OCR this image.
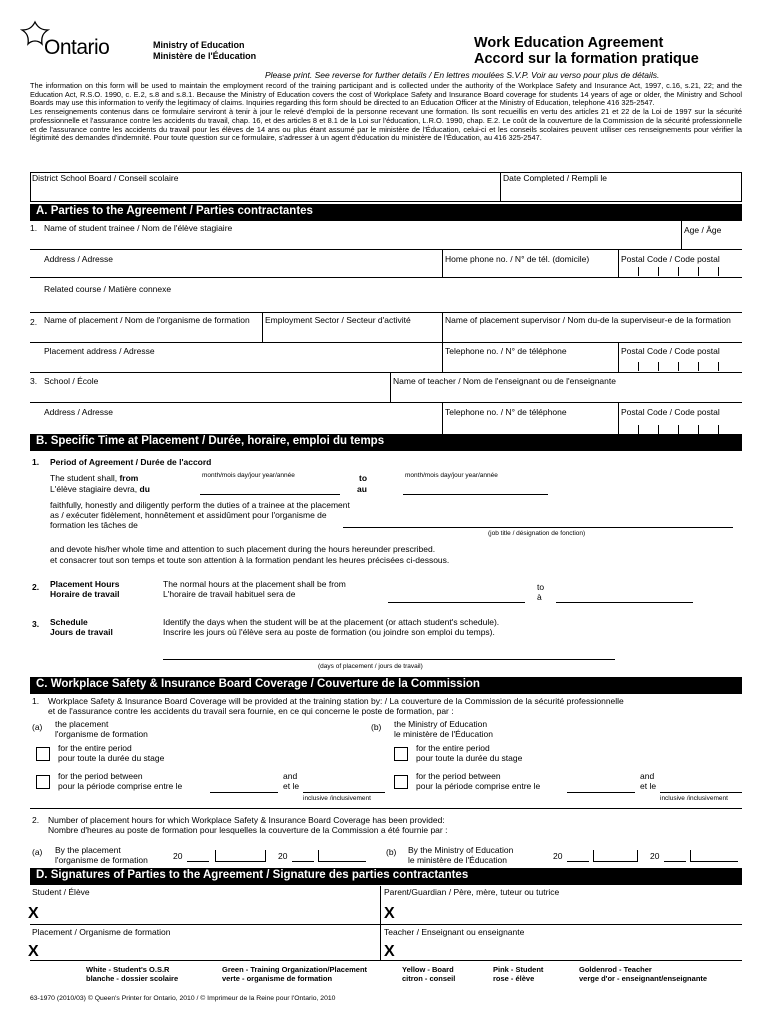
Ontario	Ministry of Education
Ministère de l'Éducation
Work Education Agreement
Accord sur la formation pratique
Please print. See reverse for further details / En lettres moulées S.V.P. Voir au verso pour plus de détails.
The information on this form will be used to maintain the employment record of the training participant and is collected under the authority of the Workplace Safety and Insurance Act, 1997, c.16, s.21, 22; and the Education Act, R.S.O. 1990, c. E.2, s.8 and s.8.1. Because the Ministry of Education covers the cost of Workplace Safety and Insurance Board coverage for students 14 years of age or older, the Ministry and School Boards may use this information to verify the legitimacy of claims. Inquiries regarding this form should be directed to an Education Officer at the Ministry of Education, telephone 416 325-2547.
Les renseignements contenus dans ce formulaire serviront à tenir à jour le relevé d'emploi de la personne recevant une formation. Ils sont recueillis en vertu des articles 21 et 22 de la Loi de 1997 sur la sécurité professionnelle et l'assurance contre les accidents du travail, chap. 16, et des articles 8 et 8.1 de la Loi sur l'éducation, L.R.O. 1990, chap. E.2. Le coût de la couverture de la Commission de la sécurité professionnelle et de l'assurance contre les accidents du travail pour les élèves de 14 ans ou plus étant assumé par le ministère de l'Éducation, celui-ci et les conseils scolaires peuvent utiliser ces renseignements pour vérifier la légitimité des demandes d'indemnité. Pour toute question sur ce formulaire, s'adresser à un agent d'éducation du ministère de l'Éducation, au 416 325-2547.
District School Board / Conseil scolaire	Date Completed / Rempli le
A. Parties to the Agreement / Parties contractantes
1. Name of student trainee / Nom de l'élève stagiaire	Age / Âge
Address / Adresse	Home phone no. / N° de tél. (domicile)	Postal Code / Code postal
Related course / Matière connexe
2. Name of placement / Nom de l'organisme de formation	Employment Sector / Secteur d'activité	Name of placement supervisor / Nom du-de la superviseur-e de la formation
Placement address / Adresse	Telephone no. / N° de téléphone	Postal Code / Code postal
3. School / École	Name of teacher / Nom de l'enseignant ou de l'enseignante
Address / Adresse	Telephone no. / N° de téléphone	Postal Code / Code postal
B. Specific Time at Placement / Durée, horaire, emploi du temps
1. Period of Agreement / Durée de l'accord
The student shall, from
L'élève stagiaire devra, du
month/mois day/jour year/année	to
au
month/mois day/jour year/année
faithfully, honestly and diligently perform the duties of a trainee at the placement as / exécuter fidèlement, honnêtement et assidûment pour l'organisme de formation les tâches de
(job title / désignation de fonction)
and devote his/her whole time and attention to such placement during the hours hereunder prescribed.
et consacrer tout son temps et toute son attention à la formation pendant les heures précisées ci-dessous.
2. Placement Hours
Horaire de travail
The normal hours at the placement shall be from
L'horaire de travail habituel sera de
to
à
3. Schedule
Jours de travail
Identify the days when the student will be at the placement (or attach student's schedule).
Inscrire les jours où l'élève sera au poste de formation (ou joindre son emploi du temps).
(days of placement / jours de travail)
C. Workplace Safety & Insurance Board Coverage / Couverture de la Commission
1. Workplace Safety & Insurance Board Coverage will be provided at the training station by: / La couverture de la Commission de la sécurité professionnelle
et de l'assurance contre les accidents du travail sera fournie, en ce qui concerne le poste de formation, par :
(a) the placement
l'organisme de formation
for the entire period
pour toute la durée du stage
for the period between
pour la période comprise entre le
and
et le
inclusive /inclusivement
(b) the Ministry of Education
le ministère de l'Éducation
for the entire period
pour toute la durée du stage
for the period between
pour la période comprise entre le
and
et le
inclusive /inclusivement
2. Number of placement hours for which Workplace Safety & Insurance Board Coverage has been provided:
Nombre d'heures au poste de formation pour lesquelles la couverture de la Commission a été fournie par :
(a) By the placement
l'organisme de formation	20	20	(b) By the Ministry of Education
le ministère de l'Éducation	20	20
D. Signatures of Parties to the Agreement / Signature des parties contractantes
Student / Élève	Parent/Guardian / Père, mère, tuteur ou tutrice
X	X
Placement / Organisme de formation	Teacher / Enseignant ou enseignante
X	X
White - Student's O.S.R
blanche - dossier scolaire
Green - Training Organization/Placement
verte - organisme de formation
Yellow - Board
citron - conseil
Pink - Student
rose - élève
Goldenrod - Teacher
verge d'or - enseignant/enseignante
63-1970 (2010/03) © Queen's Printer for Ontario, 2010 / © Imprimeur de la Reine pour l'Ontario, 2010
